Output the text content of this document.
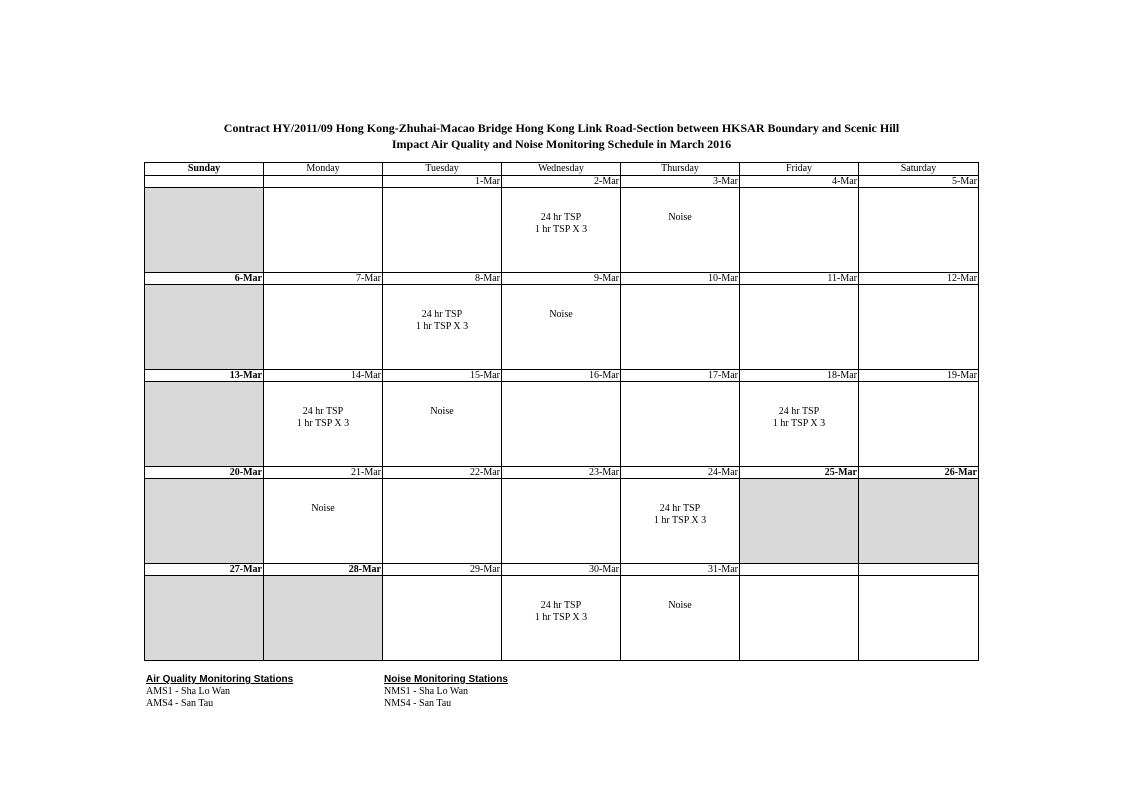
Contract HY/2011/09 Hong Kong-Zhuhai-Macao Bridge Hong Kong Link Road-Section between HKSAR Boundary and Scenic Hill
Impact Air Quality and Noise Monitoring Schedule in March 2016
Sunday	Monday	Tuesday	Wednesday	Thursday	Friday	Saturday
		1-Mar	2-Mar	3-Mar	4-Mar	5-Mar

			24 hr TSP
1 hr TSP X 3	Noise		

6-Mar	7-Mar	8-Mar	9-Mar	10-Mar	11-Mar	12-Mar

		24 hr TSP
1 hr TSP X 3	Noise			

13-Mar	14-Mar	15-Mar	16-Mar	17-Mar	18-Mar	19-Mar

	24 hr TSP
1 hr TSP X 3	Noise			24 hr TSP
1 hr TSP X 3	

20-Mar	21-Mar	22-Mar	23-Mar	24-Mar	25-Mar	26-Mar

	Noise			24 hr TSP
1 hr TSP X 3		

27-Mar	28-Mar	29-Mar	30-Mar	31-Mar		

			24 hr TSP
1 hr TSP X 3	Noise		

Air Quality Monitoring Stations
AMS1 - Sha Lo Wan
AMS4 - San Tau
Noise Monitoring Stations
NMS1 - Sha Lo Wan
NMS4 - San Tau
